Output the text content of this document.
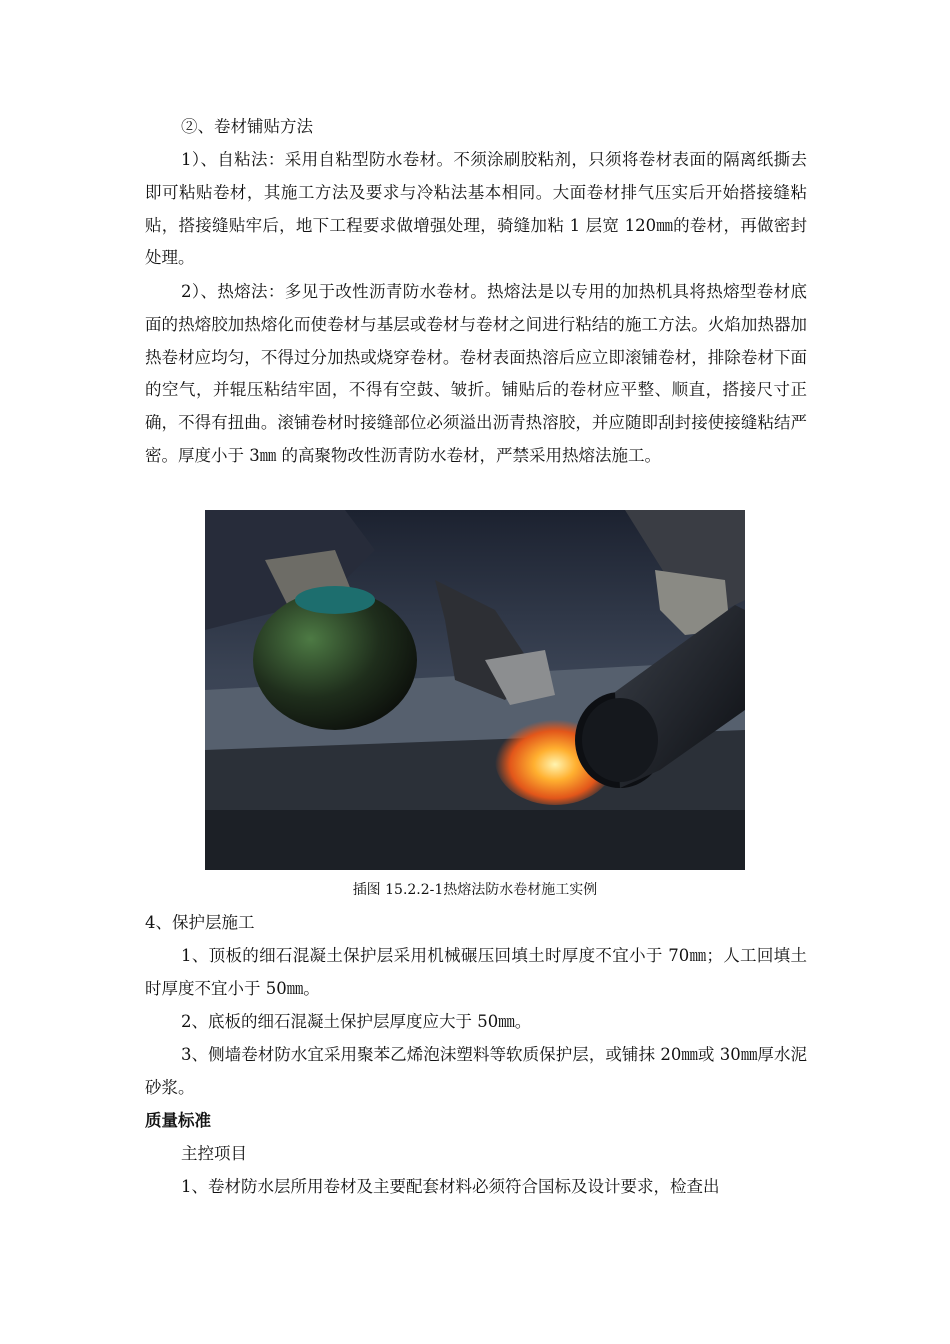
②、卷材铺贴方法

1）、自粘法：采用自粘型防水卷材。不须涂刷胶粘剂，只须将卷材表面的隔离纸撕去即可粘贴卷材，其施工方法及要求与冷粘法基本相同。大面卷材排气压实后开始搭接缝粘贴，搭接缝贴牢后，地下工程要求做增强处理，骑缝加粘 1 层宽 120㎜的卷材，再做密封处理。

2）、热熔法：多见于改性沥青防水卷材。热熔法是以专用的加热机具将热熔型卷材底面的热熔胶加热熔化而使卷材与基层或卷材与卷材之间进行粘结的施工方法。火焰加热器加热卷材应均匀，不得过分加热或烧穿卷材。卷材表面热溶后应立即滚铺卷材，排除卷材下面的空气，并辊压粘结牢固，不得有空鼓、皱折。铺贴后的卷材应平整、顺直，搭接尺寸正确，不得有扭曲。滚铺卷材时接缝部位必须溢出沥青热溶胶，并应随即刮封接使接缝粘结严密。厚度小于 3㎜ 的高聚物改性沥青防水卷材，严禁采用热熔法施工。

插图 15.2.2-1热熔法防水卷材施工实例

4、保护层施工

1、顶板的细石混凝土保护层采用机械碾压回填土时厚度不宜小于 70㎜；人工回填土时厚度不宜小于 50㎜。

2、底板的细石混凝土保护层厚度应大于 50㎜。

3、侧墙卷材防水宜采用聚苯乙烯泡沫塑料等软质保护层，或铺抹 20㎜或 30㎜厚水泥砂浆。

质量标准

主控项目

1、卷材防水层所用卷材及主要配套材料必须符合国标及设计要求，检查出
